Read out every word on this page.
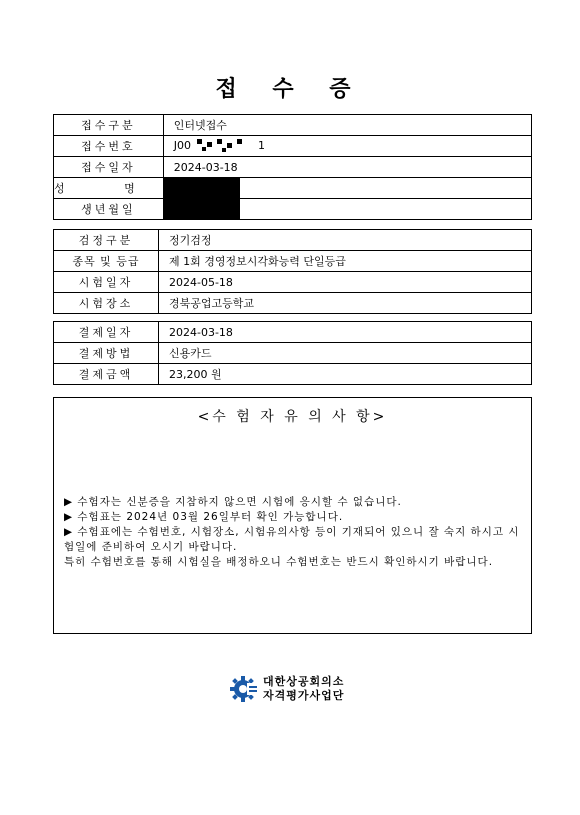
접 수 증
접수구분	인터넷접수
접수번호	J00 1
접수일자	2024-03-18
성 명	
생년월일	
검정구분	정기검정
종목 및 등급	제 1회 경영정보시각화능력 단일등급
시험일자	2024-05-18
시험장소	경북공업고등학교
결제일자	2024-03-18
결제방법	신용카드
결제금액	23,200 원
<수 험 자 유 의 사 항>
▶ 수험자는 신분증을 지참하지 않으면 시험에 응시할 수 없습니다.
▶ 수험표는 2024년 03월 26일부터 확인 가능합니다.
▶ 수험표에는 수험번호, 시험장소, 시험유의사항 등이 기재되어 있으니 잘 숙지 하시고 시험일에 준비하여 오시기 바랍니다.
특히 수험번호를 통해 시험실을 배정하오니 수험번호는 반드시 확인하시기 바랍니다.
대한상공회의소
자격평가사업단
